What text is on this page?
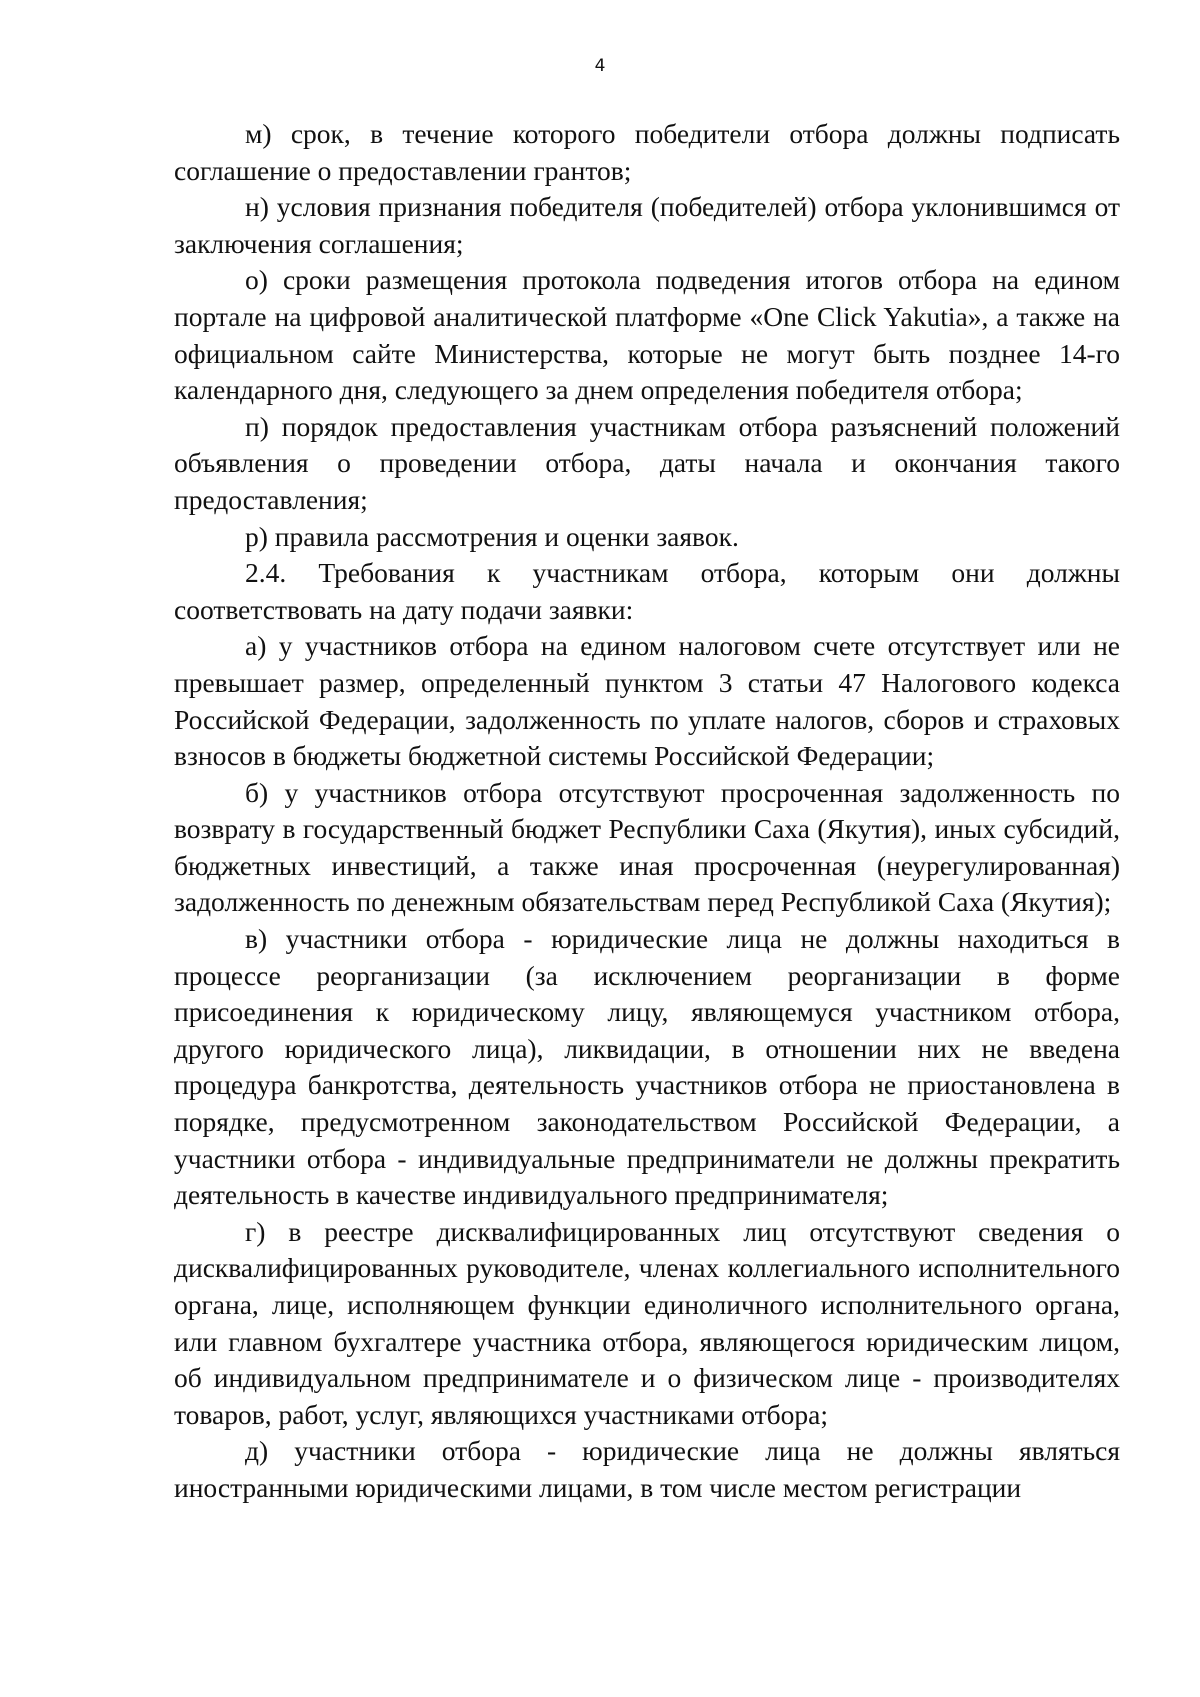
4

м) срок, в течение которого победители отбора должны подписать соглашение о предоставлении грантов;

н) условия признания победителя (победителей) отбора уклонившимся от заключения соглашения;

о) сроки размещения протокола подведения итогов отбора на едином портале на цифровой аналитической платформе «One Click Yakutia», а также на официальном сайте Министерства, которые не могут быть позднее 14-го календарного дня, следующего за днем определения победителя отбора;

п) порядок предоставления участникам отбора разъяснений положений объявления о проведении отбора, даты начала и окончания такого предоставления;

р) правила рассмотрения и оценки заявок.

2.4. Требования к участникам отбора, которым они должны соответствовать на дату подачи заявки:

а) у участников отбора на едином налоговом счете отсутствует или не превышает размер, определенный пунктом 3 статьи 47 Налогового кодекса Российской Федерации, задолженность по уплате налогов, сборов и страховых взносов в бюджеты бюджетной системы Российской Федерации;

б) у участников отбора отсутствуют просроченная задолженность по возврату в государственный бюджет Республики Саха (Якутия), иных субсидий, бюджетных инвестиций, а также иная просроченная (неурегулированная) задолженность по денежным обязательствам перед Республикой Саха (Якутия);

в) участники отбора - юридические лица не должны находиться в процессе реорганизации (за исключением реорганизации в форме присоединения к юридическому лицу, являющемуся участником отбора, другого юридического лица), ликвидации, в отношении них не введена процедура банкротства, деятельность участников отбора не приостановлена в порядке, предусмотренном законодательством Российской Федерации, а участники отбора - индивидуальные предприниматели не должны прекратить деятельность в качестве индивидуального предпринимателя;

г) в реестре дисквалифицированных лиц отсутствуют сведения о дисквалифицированных руководителе, членах коллегиального исполнительного органа, лице, исполняющем функции единоличного исполнительного органа, или главном бухгалтере участника отбора, являющегося юридическим лицом, об индивидуальном предпринимателе и о физическом лице - производителях товаров, работ, услуг, являющихся участниками отбора;

д) участники отбора - юридические лица не должны являться иностранными юридическими лицами, в том числе местом регистрации
